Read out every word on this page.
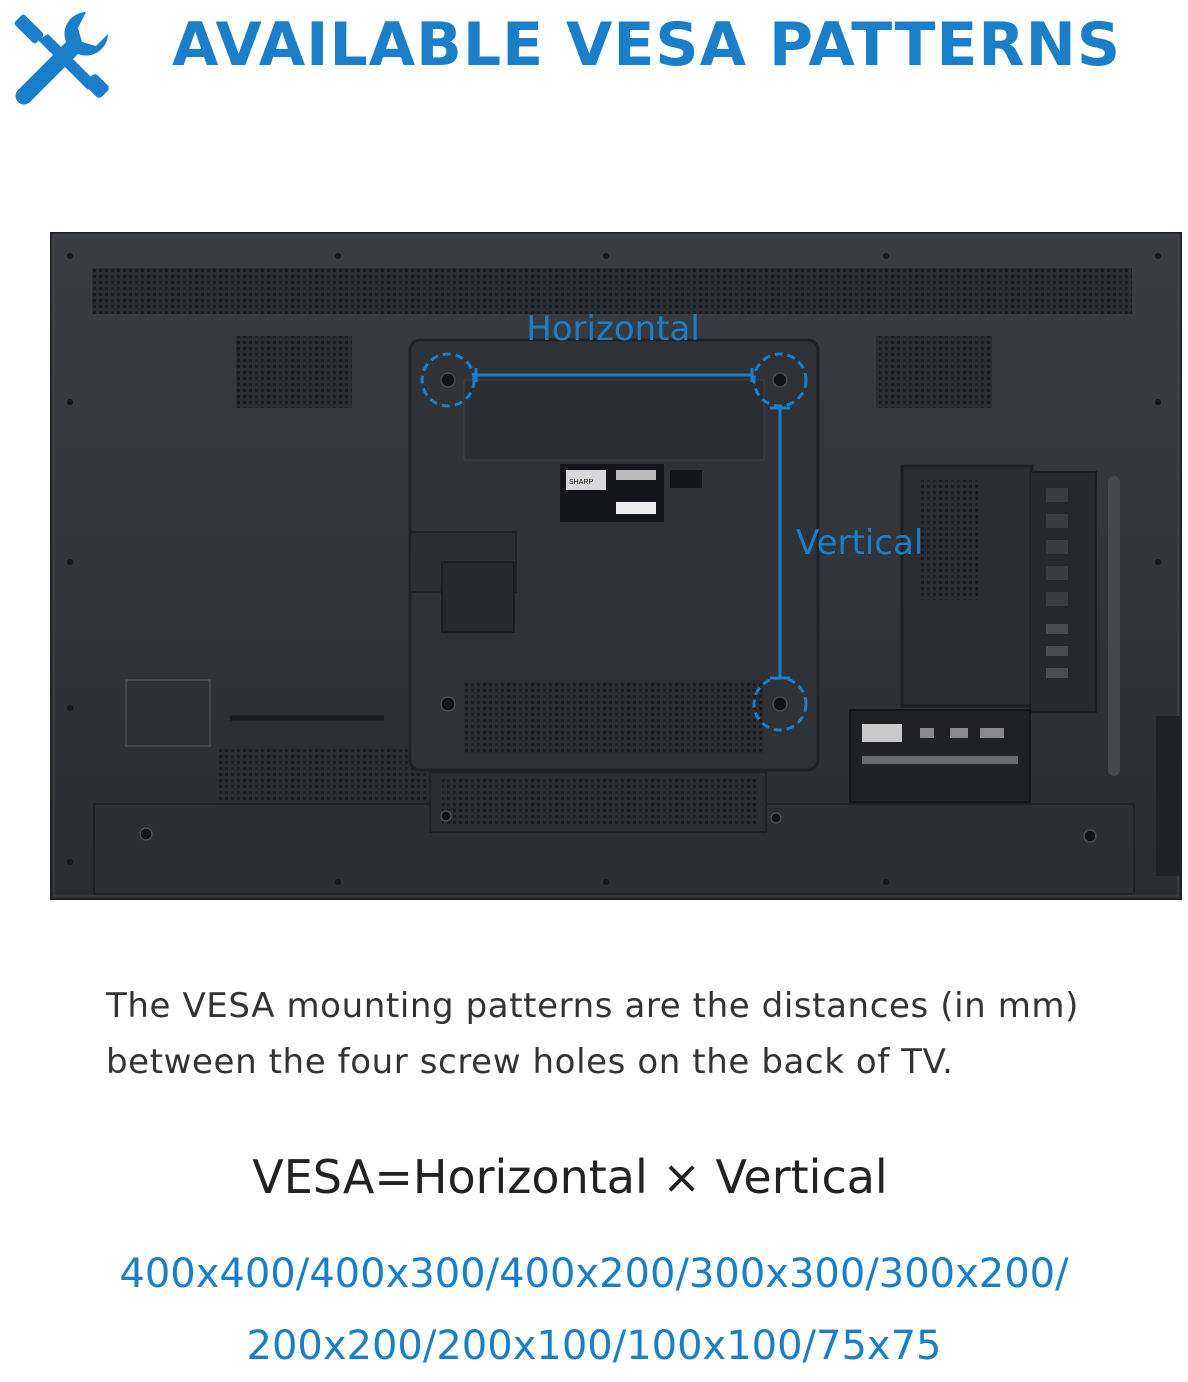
AVAILABLE VESA PATTERNS
SHARP
Horizontal
Vertical
The VESA mounting patterns are the distances (in mm)
between the four screw holes on the back of TV.
VESA=Horizontal × Vertical
400x400/400x300/400x200/300x300/300x200/
200x200/200x100/100x100/75x75
